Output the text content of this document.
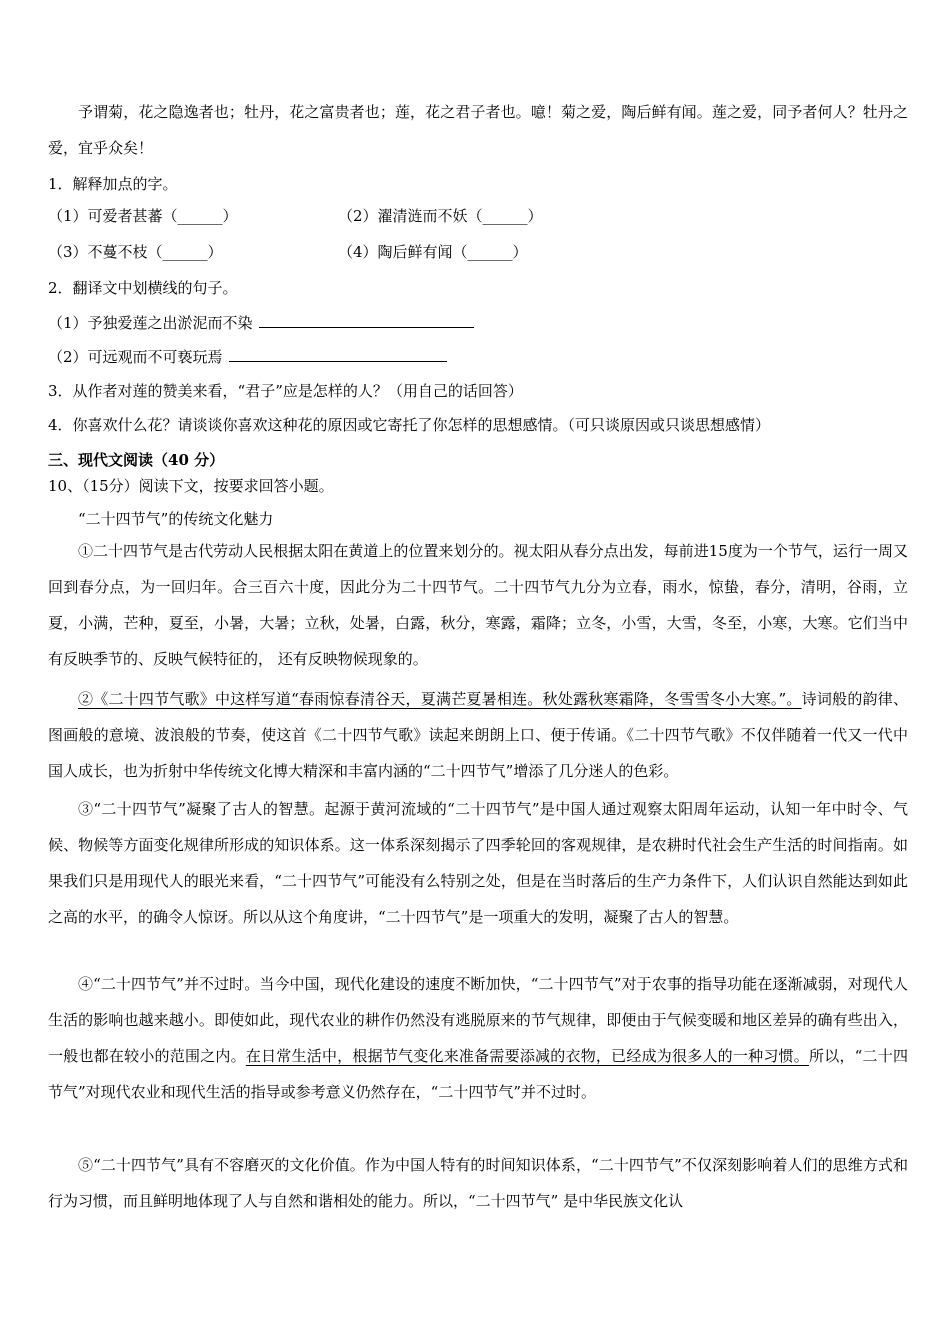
予谓菊，花之隐逸者也；牡丹，花之富贵者也；莲，花之君子者也。噫！菊之爱，陶后鲜有闻。莲之爱，同予者何人？牡丹之爱，宜乎众矣！
1．解释加点的字。
（1）可爱者甚蕃（______）	（2）濯清涟而不妖（______）
（3）不蔓不枝（______）	（4）陶后鲜有闻（______）
2．翻译文中划横线的句子。
（1）予独爱莲之出淤泥而不染
（2）可远观而不可亵玩焉
3．从作者对莲的赞美来看，“君子”应是怎样的人？（用自己的话回答）
4．你喜欢什么花？请谈谈你喜欢这种花的原因或它寄托了你怎样的思想感情。（可只谈原因或只谈思想感情）
三、现代文阅读（40 分）
10、（15分）阅读下文，按要求回答小题。
“二十四节气”的传统文化魅力
①二十四节气是古代劳动人民根据太阳在黄道上的位置来划分的。视太阳从春分点出发，每前进15度为一个节气，运行一周又回到春分点，为一回归年。合三百六十度，因此分为二十四节气。二十四节气九分为立春，雨水，惊蛰，春分，清明，谷雨，立夏，小满，芒种，夏至，小暑，大暑；立秋，处暑，白露，秋分，寒露，霜降；立冬，小雪，大雪，冬至，小寒，大寒。它们当中有反映季节的、反映气候特征的， 还有反映物候现象的。
②《二十四节气歌》中这样写道“春雨惊春清谷天，夏满芒夏暑相连。秋处露秋寒霜降，冬雪雪冬小大寒。”。诗词般的韵律、图画般的意境、波浪般的节奏，使这首《二十四节气歌》读起来朗朗上口、便于传诵。《二十四节气歌》不仅伴随着一代又一代中国人成长，也为折射中华传统文化博大精深和丰富内涵的“二十四节气”增添了几分迷人的色彩。
③“二十四节气”凝聚了古人的智慧。起源于黄河流域的“二十四节气”是中国人通过观察太阳周年运动，认知一年中时令、气候、物候等方面变化规律所形成的知识体系。这一体系深刻揭示了四季轮回的客观规律，是农耕时代社会生产生活的时间指南。如果我们只是用现代人的眼光来看，“二十四节气”可能没有么特别之处，但是在当时落后的生产力条件下，人们认识自然能达到如此之高的水平，的确令人惊讶。所以从这个角度讲，“二十四节气”是一项重大的发明，凝聚了古人的智慧。
④“二十四节气”并不过时。当今中国，现代化建设的速度不断加快，“二十四节气”对于农事的指导功能在逐渐减弱，对现代人生活的影响也越来越小。即使如此，现代农业的耕作仍然没有逃脱原来的节气规律，即便由于气候变暖和地区差异的确有些出入，一般也都在较小的范围之内。在日常生活中，根据节气变化来准备需要添减的衣物，已经成为很多人的一种习惯。所以，“二十四节气”对现代农业和现代生活的指导或参考意义仍然存在，“二十四节气”并不过时。
⑤“二十四节气”具有不容磨灭的文化价值。作为中国人特有的时间知识体系，“二十四节气”不仅深刻影响着人们的思维方式和行为习惯，而且鲜明地体现了人与自然和谐相处的能力。所以，“二十四节气” 是中华民族文化认
